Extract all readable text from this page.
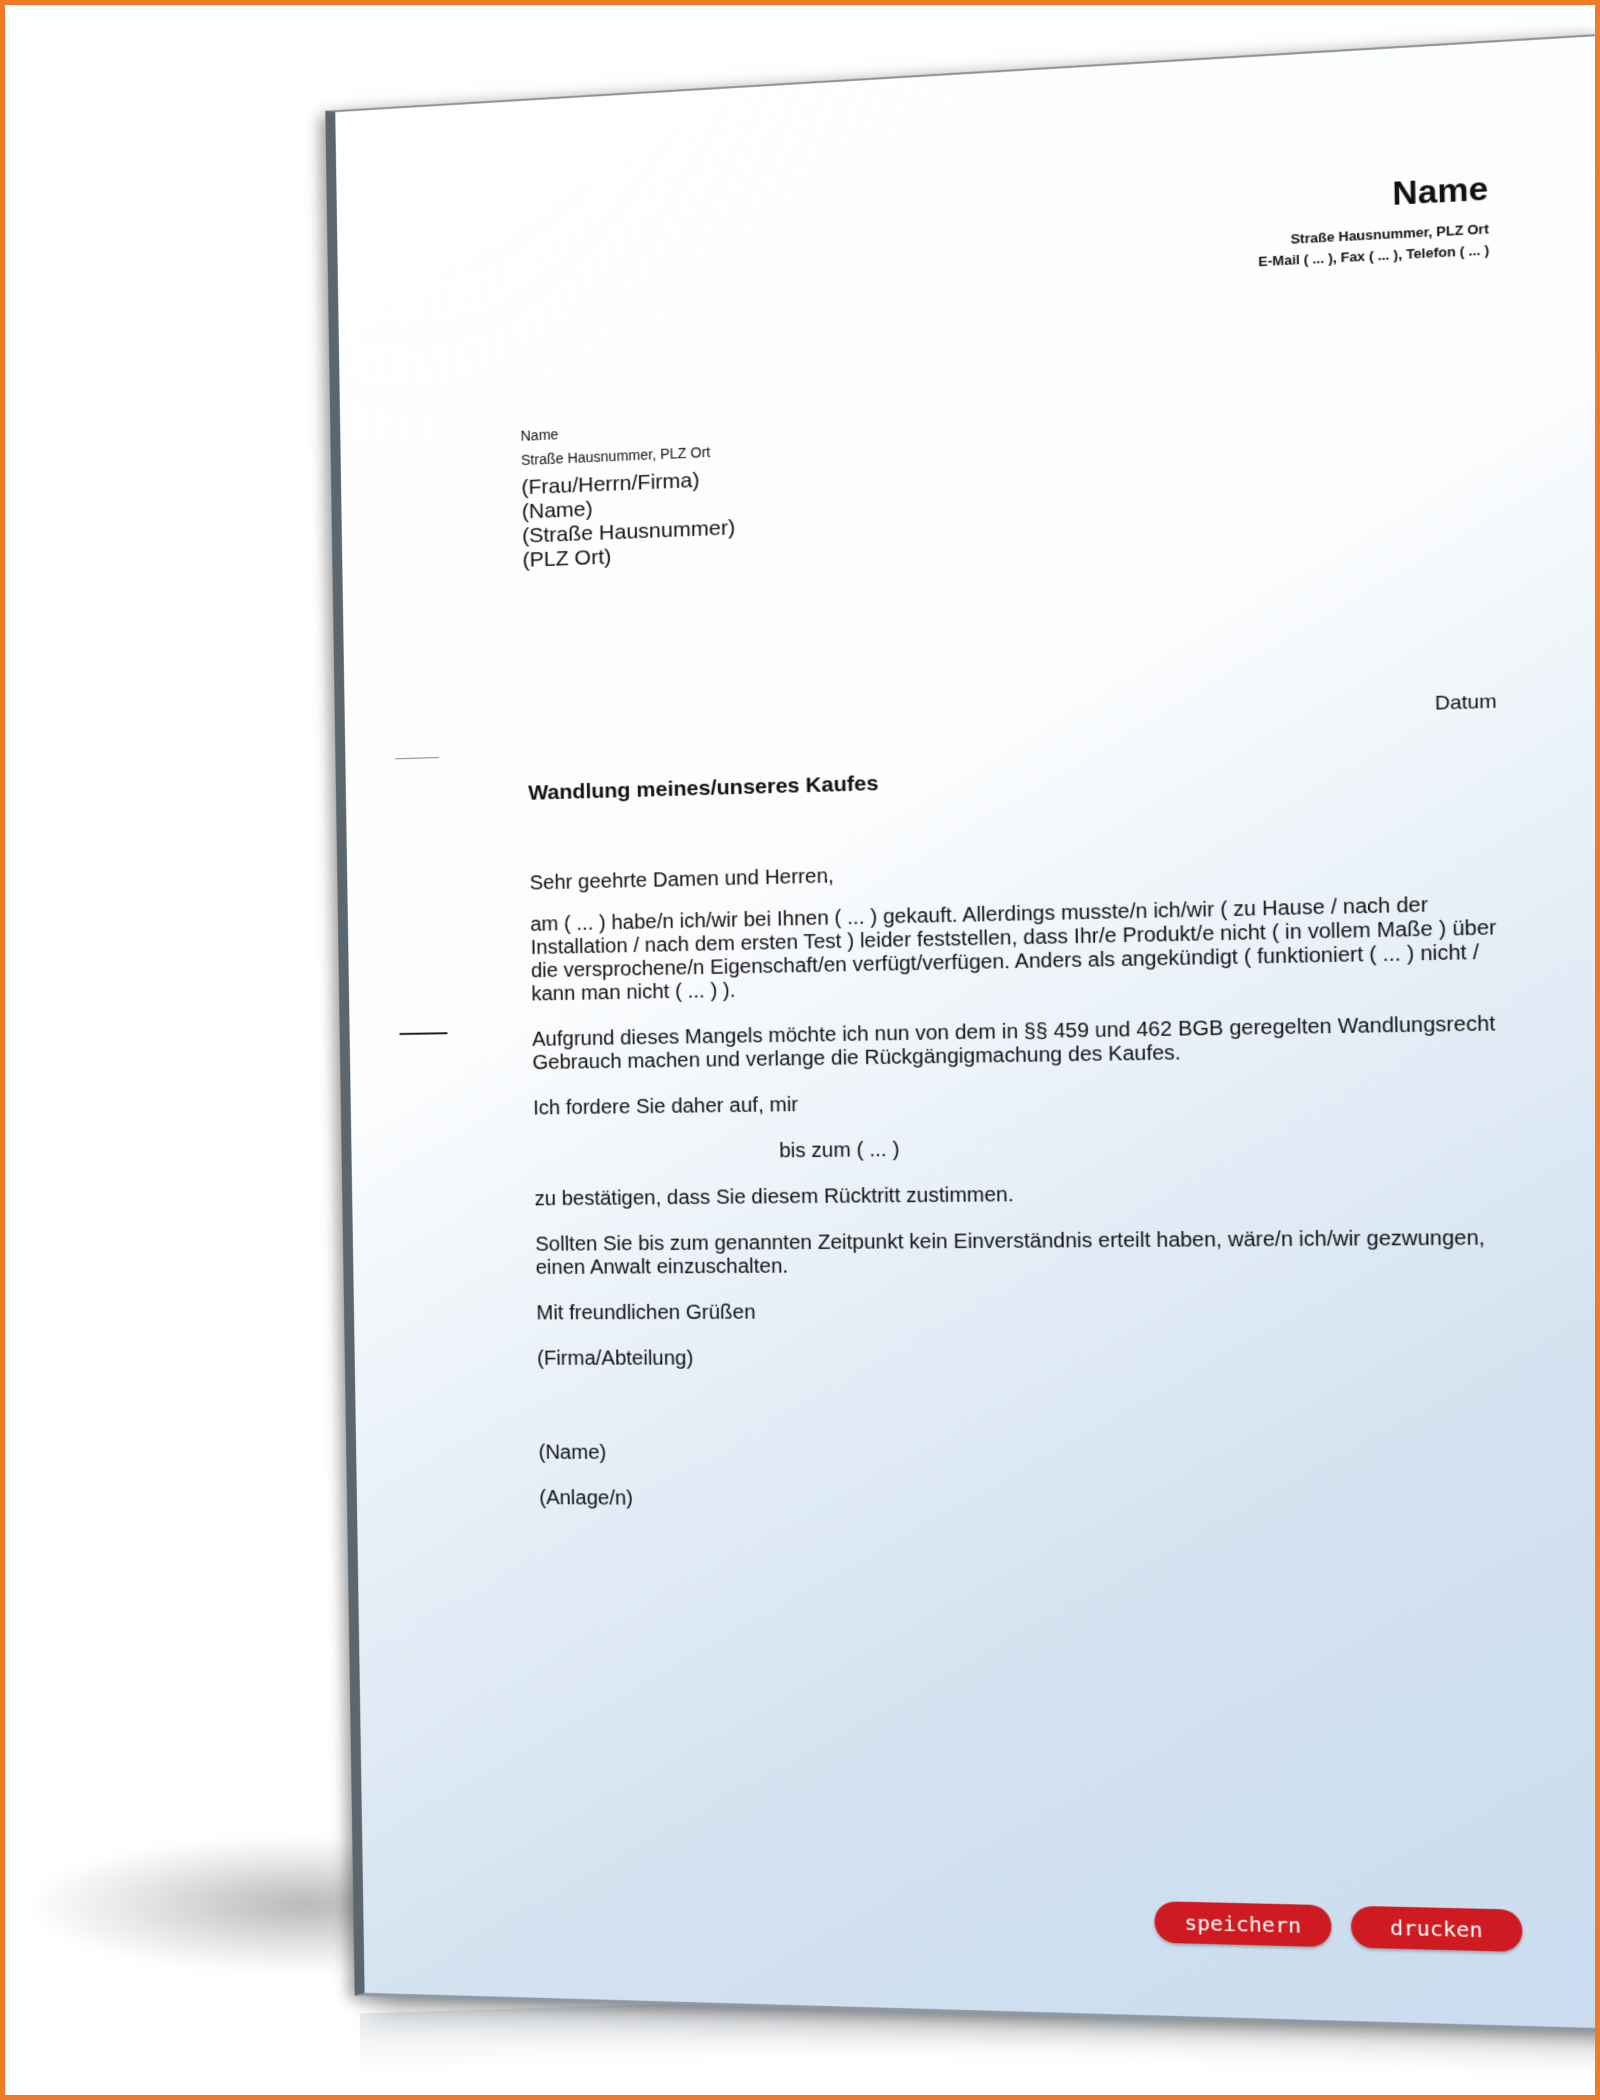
Name
Straße Hausnummer, PLZ Ort
E-Mail ( ... ), Fax ( ... ), Telefon ( ... )
Name
Straße Hausnummer, PLZ Ort
(Frau/Herrn/Firma)
(Name)
(Straße Hausnummer)
(PLZ Ort)
Datum
Wandlung meines/unseres Kaufes

Sehr geehrte Damen und Herren,

am ( ... ) habe/n ich/wir bei Ihnen ( ... ) gekauft. Allerdings musste/n ich/wir ( zu Hause / nach der Installation / nach dem ersten Test ) leider feststellen, dass Ihr/e Produkt/e nicht ( in vollem Maße ) über die versprochene/n Eigenschaft/en verfügt/verfügen. Anders als angekündigt ( funktioniert ( ... ) nicht / kann man nicht ( ... ) ).

Aufgrund dieses Mangels möchte ich nun von dem in §§ 459 und 462 BGB geregelten Wandlungsrecht Gebrauch machen und verlange die Rückgängigmachung des Kaufes.

Ich fordere Sie daher auf, mir

bis zum ( ... )

zu bestätigen, dass Sie diesem Rücktritt zustimmen.

Sollten Sie bis zum genannten Zeitpunkt kein Einverständnis erteilt haben, wäre/n ich/wir gezwungen, einen Anwalt einzuschalten.

Mit freundlichen Grüßen

(Firma/Abteilung)

(Name)

(Anlage/n)

speichern	drucken
